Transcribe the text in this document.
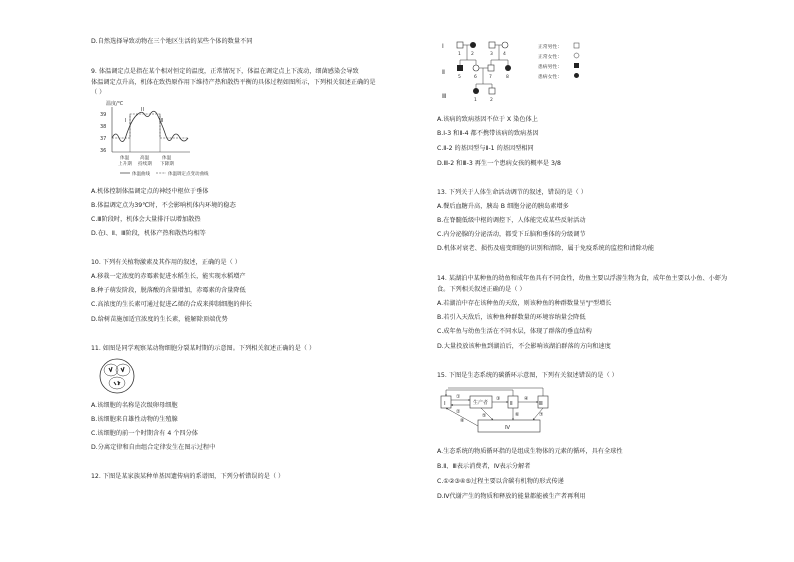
D.自然选择导致动物在三个地区生活的某些个体的数量不同
9. 体温调定点是指在某个相对恒定的温度，正常情况下，体温在调定点上下波动，细菌感染会导致
体温调定点升高，机体在致热原作用下维持产热和散热平衡的具体过程如图所示，下列相关叙述正确的是
（ ）
温度/℃
39
38
37
36
I
II
III
体温
上升期
高温
持续期
体温
下降期
体温曲线	体温调定点变动曲线
A.机体控制体温调定点的神经中枢位于垂体
B.体温调定点为39℃时，不会影响机体内环境的稳态
C.Ⅲ阶段时，机体会大量排汗以增加散热
D.在Ⅰ、Ⅱ、Ⅲ阶段，机体产热和散热均相等
10. 下列有关植物激素及其作用的叙述，正确的是（ ）
A.移栽一定浓度的赤霉素促进水稻生长，能实现水稻增产
B.种子萌发阶段，脱落酸的含量增加，赤霉素的含量降低
C.高浓度的生长素可通过促进乙烯的合成来抑制细胞的伸长
D.给树苗施加适宜浓度的生长素，能解除顶端优势
11. 如图是同学观察某动物细胞分裂某时期的示意图。下列相关叙述正确的是（ ）
A.该细胞的名称是次级卵母细胞
B.该细胞来自雄性动物的生殖腺
C.该细胞的前一个时期含有 4 个四分体
D.分离定律和自由组合定律发生在图示过程中
12. 下图是某家族某种单基因遗传病的系谱图，下列分析错误的是（ ）
Ⅰ
Ⅱ
Ⅲ
1 2	3 4
5	6	7	8
1	2
正常男性：
正常女性：
患病男性：
患病女性：
A.该病的致病基因不位于 X 染色体上
B.Ⅰ-3 和Ⅱ-4 都不携带该病的致病基因
C.Ⅱ-2 的基因型与Ⅱ-1 的基因型相同
D.Ⅲ-2 和Ⅲ-3 再生一个患病女孩的概率是 3/8
13. 下列关于人体生命活动调节的叙述，错误的是（ ）
A.餐后血糖升高，胰岛 B 细胞分泌的胰岛素增多
B.在脊髓低级中枢的调控下，人体能完成某些反射活动
C.内分泌腺的分泌活动，都受下丘脑和垂体的分级调节
D.机体对衰老、损伤及癌变细胞的识别和清除，属于免疫系统的监控和清除功能
14. 某湖泊中某种鱼的幼鱼和成年鱼具有不同食性，幼鱼主要以浮游生物为食，成年鱼主要以小鱼、小虾为
食。下列相关叙述正确的是（ ）
A.若湖泊中存在该种鱼的天敌，则该种鱼的种群数量呈"J"型增长
B.若引入天敌后，该种鱼种群数量的环境容纳量会降低
C.成年鱼与幼鱼生活在不同水层，体现了群落的垂直结构
D.大量投放该种鱼到湖泊后，不会影响该湖泊群落的方向和速度
15. 下图是生态系统的碳循环示意图，下列有关叙述错误的是（ ）
Ⅰ	生产者	Ⅱ	Ⅲ
Ⅳ
①
②
③	④
⑤	⑥	⑦
⑧
A.生态系统的物质循环指的是组成生物体的元素的循环，具有全球性
B.Ⅱ、Ⅲ表示消费者，Ⅳ表示分解者
C.①②③④⑤过程主要以含碳有机物的形式传递
D.Ⅳ代谢产生的物质和释放的能量都能被生产者再利用
